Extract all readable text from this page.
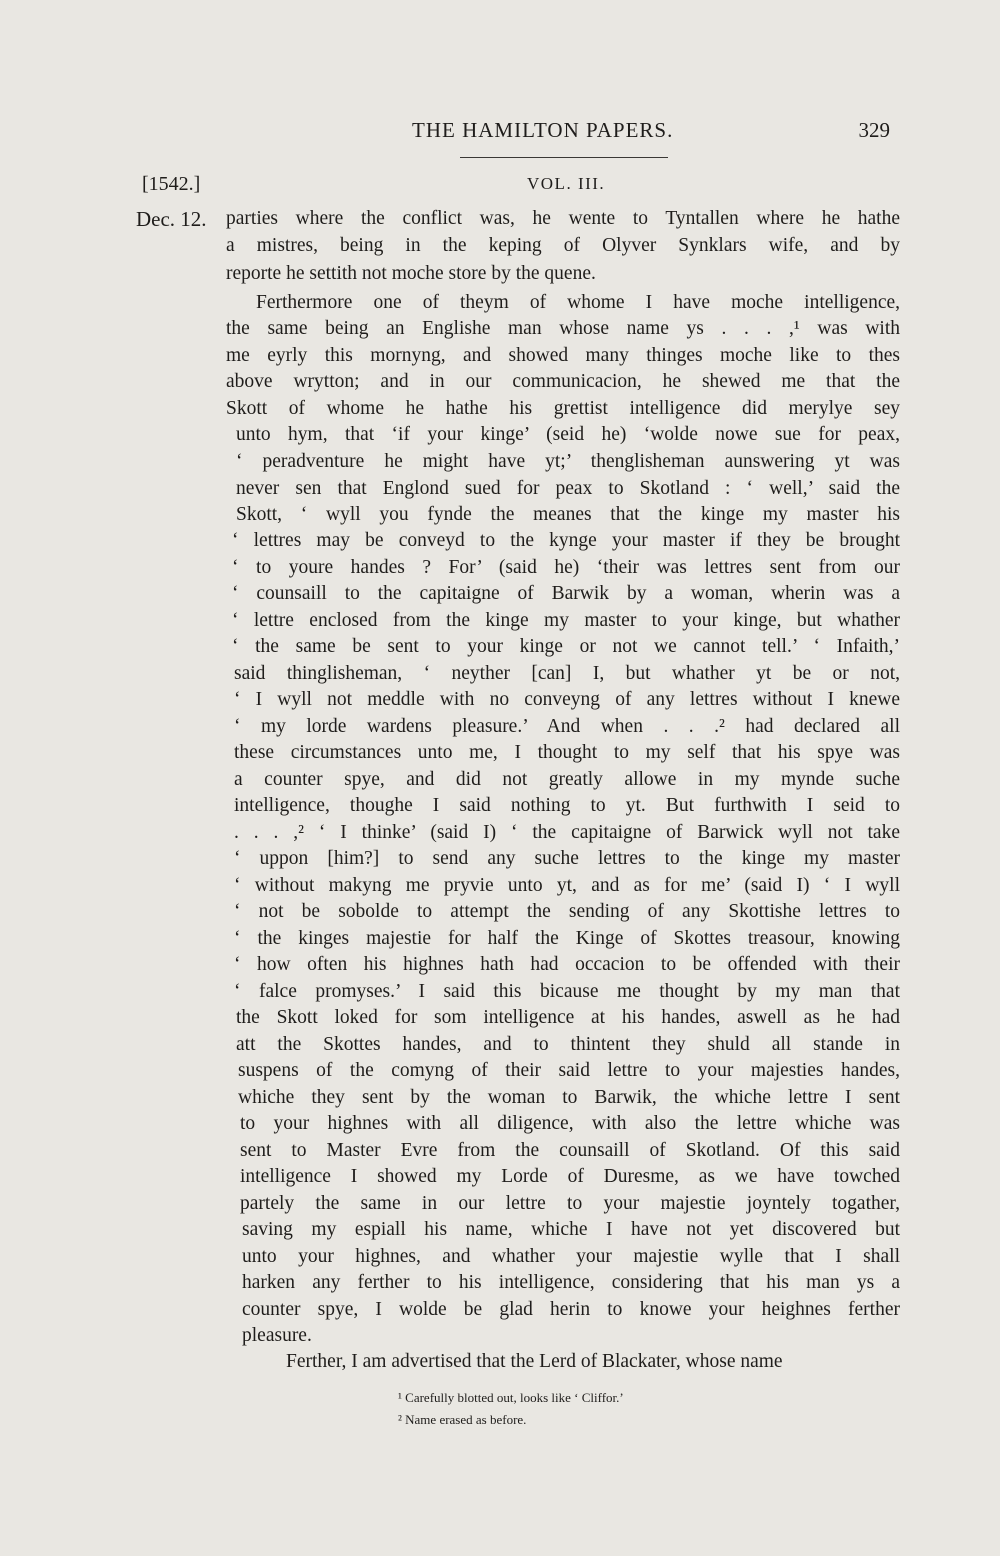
THE HAMILTON PAPERS.	329
[1542.]	VOL. III.
Dec. 12. parties where the conflict was, he wente to Tyntallen where he hathe
a mistres, being in the keping of Olyver Synklars wife, and by
reporte he settith not moche store by the quene.
Ferthermore one of theym of whome I have moche intelligence,
the same being an Englishe man whose name ys . . . ,¹ was with
me eyrly this mornyng, and showed many thinges moche like to thes
above wrytton; and in our communicacion, he shewed me that the
Skott of whome he hathe his grettist intelligence did merylye sey
unto hym, that ‘if your kinge’ (seid he) ‘wolde nowe sue for peax,
‘ peradventure he might have yt;’ thenglisheman aunswering yt was
never sen that Englond sued for peax to Skotland : ‘ well,’ said the
Skott, ‘ wyll you fynde the meanes that the kinge my master his
‘ lettres may be conveyd to the kynge your master if they be brought
‘ to youre handes ? For’ (said he) ‘their was lettres sent from our
‘ counsaill to the capitaigne of Barwik by a woman, wherin was a
‘ lettre enclosed from the kinge my master to your kinge, but whather
‘ the same be sent to your kinge or not we cannot tell.’ ‘ Infaith,’
said thinglisheman, ‘ neyther [can] I, but whather yt be or not,
‘ I wyll not meddle with no conveyng of any lettres without I knewe
‘ my lorde wardens pleasure.’ And when . . .² had declared all
these circumstances unto me, I thought to my self that his spye was
a counter spye, and did not greatly allowe in my mynde suche
intelligence, thoughe I said nothing to yt. But furthwith I seid to
. . . ,² ‘ I thinke’ (said I) ‘ the capitaigne of Barwick wyll not take
‘ uppon [him?] to send any suche lettres to the kinge my master
‘ without makyng me pryvie unto yt, and as for me’ (said I) ‘ I wyll
‘ not be sobolde to attempt the sending of any Skottishe lettres to
‘ the kinges majestie for half the Kinge of Skottes treasour, knowing
‘ how often his highnes hath had occacion to be offended with their
‘ falce promyses.’ I said this bicause me thought by my man that
the Skott loked for som intelligence at his handes, aswell as he had
att the Skottes handes, and to thintent they shuld all stande in
suspens of the comyng of their said lettre to your majesties handes,
whiche they sent by the woman to Barwik, the whiche lettre I sent
to your highnes with all diligence, with also the lettre whiche was
sent to Master Evre from the counsaill of Skotland. Of this said
intelligence I showed my Lorde of Duresme, as we have towched
partely the same in our lettre to your majestie joyntely togather,
saving my espiall his name, whiche I have not yet discovered but
unto your highnes, and whather your majestie wylle that I shall
harken any ferther to his intelligence, considering that his man ys a
counter spye, I wolde be glad herin to knowe your heighnes ferther
pleasure.
Ferther, I am advertised that the Lerd of Blackater, whose name
¹ Carefully blotted out, looks like ‘ Cliffor.’
² Name erased as before.
